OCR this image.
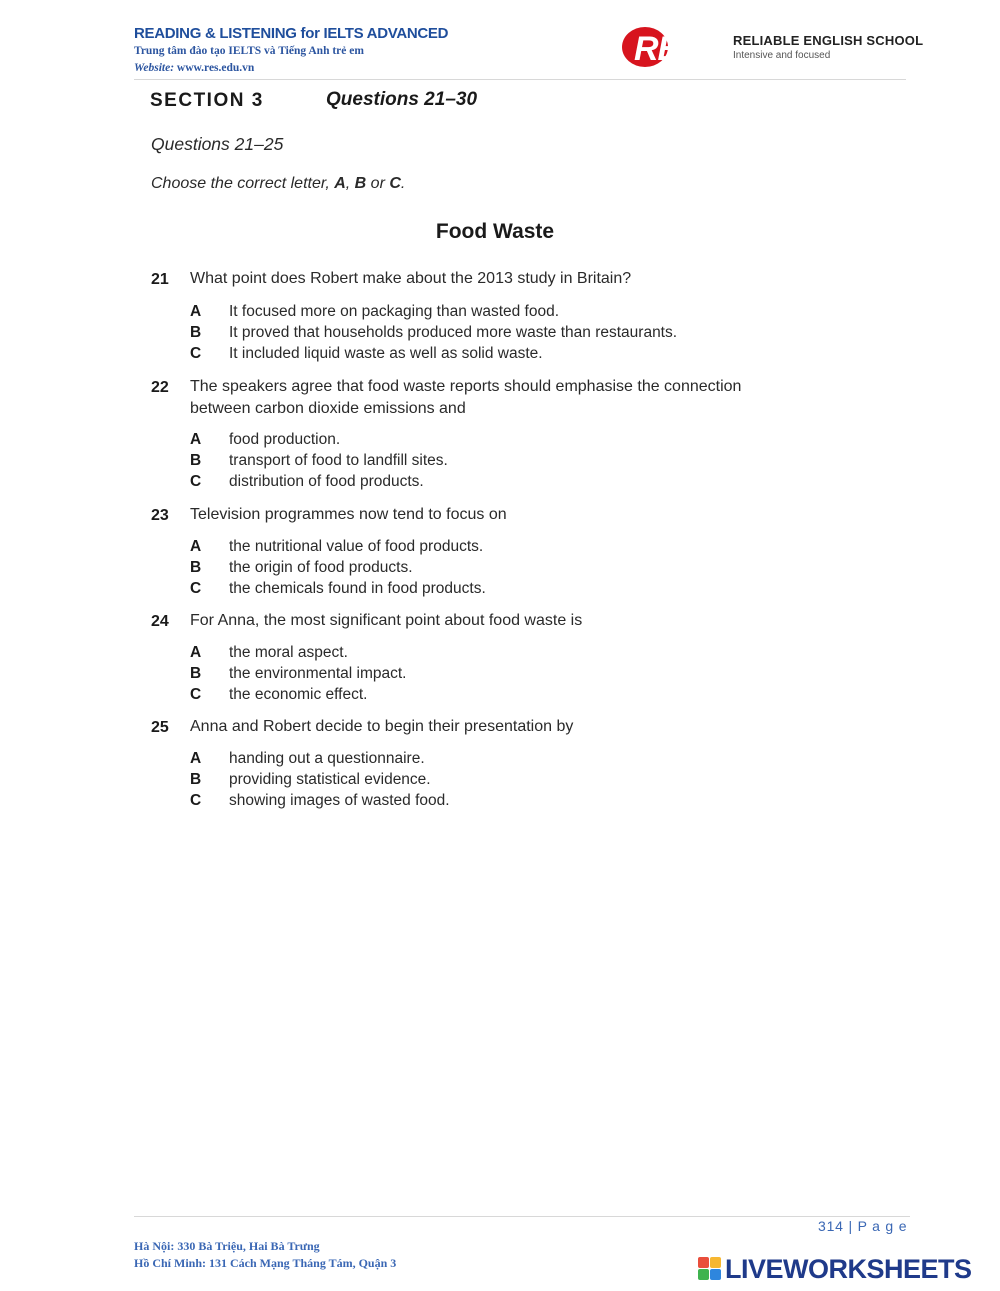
READING & LISTENING for IELTS ADVANCED
Trung tâm đào tạo IELTS và Tiếng Anh trẻ em
Website: www.res.edu.vn	RES RELIABLE ENGLISH SCHOOL
Intensive and focused
SECTION 3	Questions 21–30
Questions 21–25
Choose the correct letter, A, B or C.
Food Waste
21 What point does Robert make about the 2013 study in Britain?
A It focused more on packaging than wasted food.
B It proved that households produced more waste than restaurants.
C It included liquid waste as well as solid waste.
22 The speakers agree that food waste reports should emphasise the connection between carbon dioxide emissions and
A food production.
B transport of food to landfill sites.
C distribution of food products.
23 Television programmes now tend to focus on
A the nutritional value of food products.
B the origin of food products.
C the chemicals found in food products.
24 For Anna, the most significant point about food waste is
A the moral aspect.
B the environmental impact.
C the economic effect.
25 Anna and Robert decide to begin their presentation by
A handing out a questionnaire.
B providing statistical evidence.
C showing images of wasted food.
314 | P a g e
Hà Nội: 330 Bà Triệu, Hai Bà Trưng
Hồ Chí Minh: 131 Cách Mạng Tháng Tám, Quận 3	LIVEWORKSHEETS
